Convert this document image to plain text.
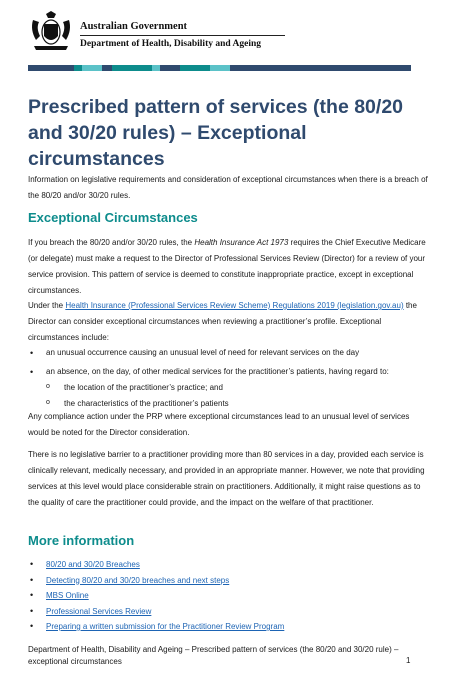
Australian Government
Department of Health, Disability and Ageing
Prescribed pattern of services (the 80/20 and 30/20 rules) – Exceptional circumstances

Information on legislative requirements and consideration of exceptional circumstances when there is a breach of the 80/20 and/or 30/20 rules.

Exceptional Circumstances

If you breach the 80/20 and/or 30/20 rules, the Health Insurance Act 1973 requires the Chief Executive Medicare (or delegate) must make a request to the Director of Professional Services Review (Director) for a review of your service provision. This pattern of service is deemed to constitute inappropriate practice, except in exceptional circumstances.

Under the Health Insurance (Professional Services Review Scheme) Regulations 2019 (legislation.gov.au) the Director can consider exceptional circumstances when reviewing a practitioner’s profile. Exceptional circumstances include:

• an unusual occurrence causing an unusual level of need for relevant services on the day
• an absence, on the day, of other medical services for the practitioner’s patients, having regard to:
o the location of the practitioner’s practice; and
o the characteristics of the practitioner’s patients

Any compliance action under the PRP where exceptional circumstances lead to an unusual level of services would be noted for the Director consideration.

There is no legislative barrier to a practitioner providing more than 80 services in a day, provided each service is clinically relevant, medically necessary, and provided in an appropriate manner. However, we note that providing services at this level would place considerable strain on practitioners. Additionally, it might raise questions as to the quality of care the practitioner could provide, and the impact on the welfare of that practitioner.

More information
• 80/20 and 30/20 Breaches
• Detecting 80/20 and 30/20 breaches and next steps
• MBS Online
• Professional Services Review
• Preparing a written submission for the Practitioner Review Program

Department of Health, Disability and Ageing – Prescribed pattern of services (the 80/20 and 30/20 rule) – exceptional circumstances	1
